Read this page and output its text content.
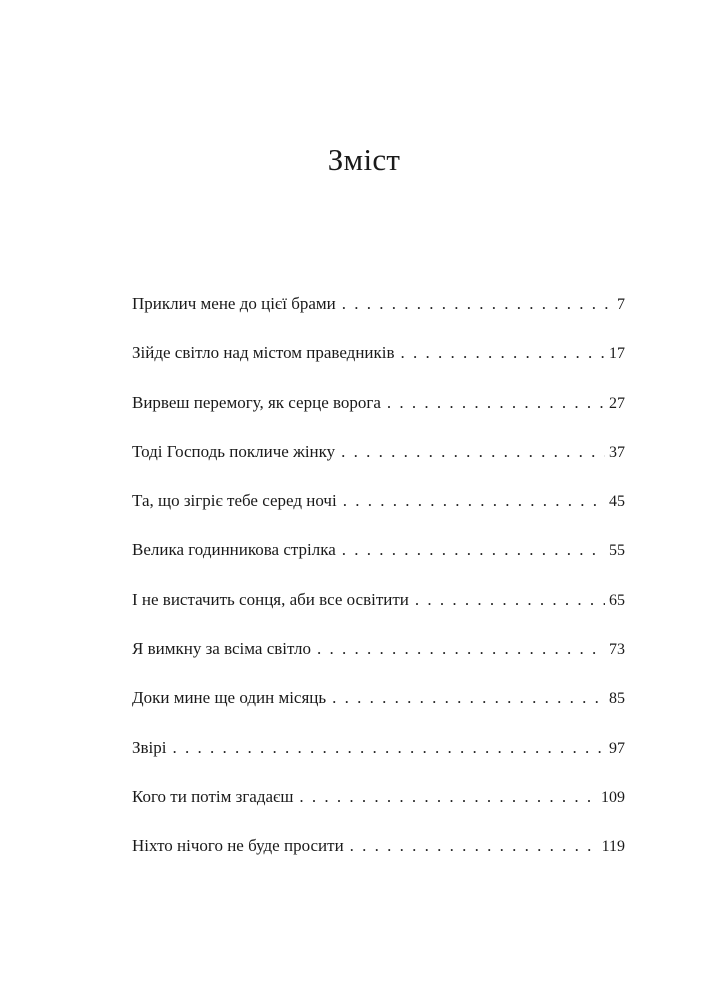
Зміст
Приклич мене до цієї брами . . .	7
Зійде світло над містом праведників . . .	17
Вирвеш перемогу, як серце ворога . . .	27
Тоді Господь покличе жінку . . .	37
Та, що зігріє тебе серед ночі . . .	45
Велика годинникова стрілка . . .	55
І не вистачить сонця, аби все освітити . . .	65
Я вимкну за всіма світло . . .	73
Доки мине ще один місяць . . .	85
Звірі . . .	97
Кого ти потім згадаєш . . .	109
Ніхто нічого не буде просити . . .	119
